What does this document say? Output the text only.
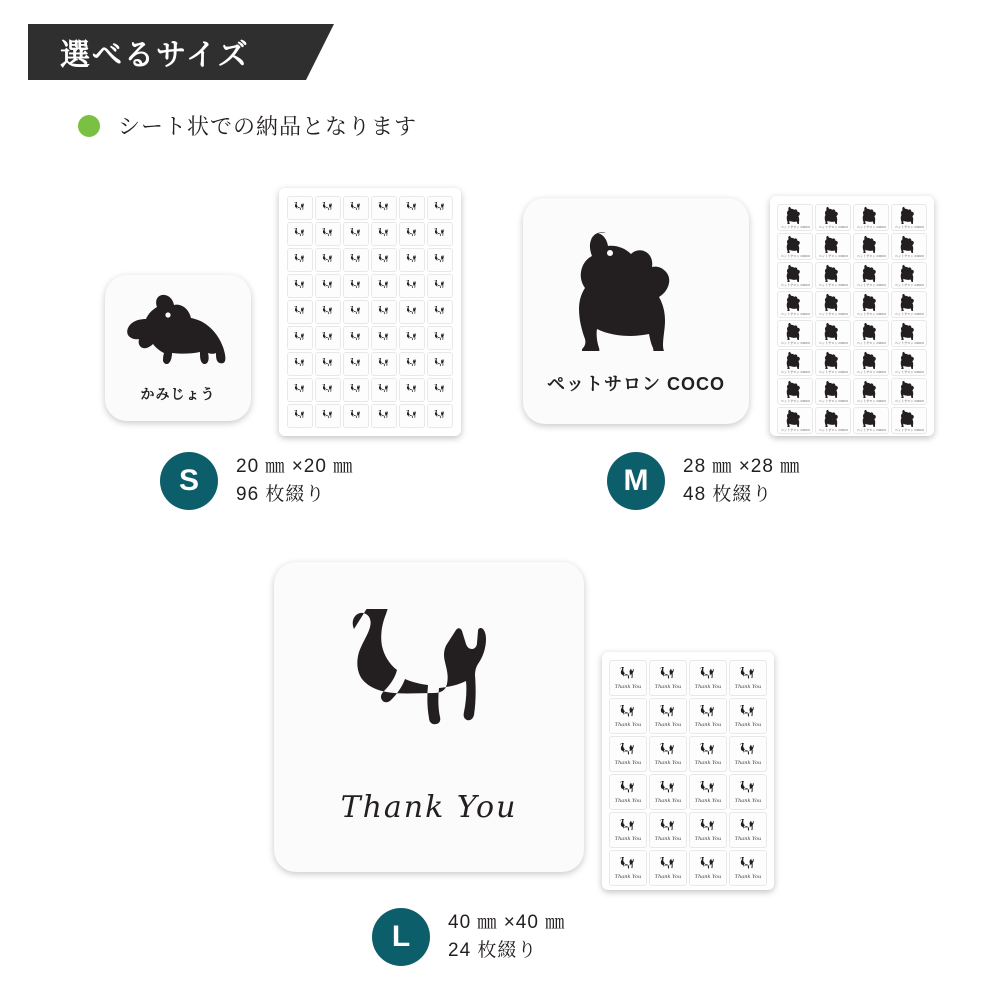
選べるサイズ
シート状での納品となります
かみじょう
S	20 ㎜ ×20 ㎜
96 枚綴り
ペットサロン COCO
ペットサロン COCO	ペットサロン COCO	ペットサロン COCO	ペットサロン COCO
ペットサロン COCO	ペットサロン COCO	ペットサロン COCO	ペットサロン COCO
ペットサロン COCO	ペットサロン COCO	ペットサロン COCO	ペットサロン COCO
ペットサロン COCO	ペットサロン COCO	ペットサロン COCO	ペットサロン COCO
ペットサロン COCO	ペットサロン COCO	ペットサロン COCO	ペットサロン COCO
ペットサロン COCO	ペットサロン COCO	ペットサロン COCO	ペットサロン COCO
ペットサロン COCO	ペットサロン COCO	ペットサロン COCO	ペットサロン COCO
ペットサロン COCO	ペットサロン COCO	ペットサロン COCO	ペットサロン COCO
M	28 ㎜ ×28 ㎜
48 枚綴り
Thank You
Thank You	Thank You	Thank You	Thank You
Thank You	Thank You	Thank You	Thank You
Thank You	Thank You	Thank You	Thank You
Thank You	Thank You	Thank You	Thank You
Thank You	Thank You	Thank You	Thank You
Thank You	Thank You	Thank You	Thank You
L	40 ㎜ ×40 ㎜
24 枚綴り
